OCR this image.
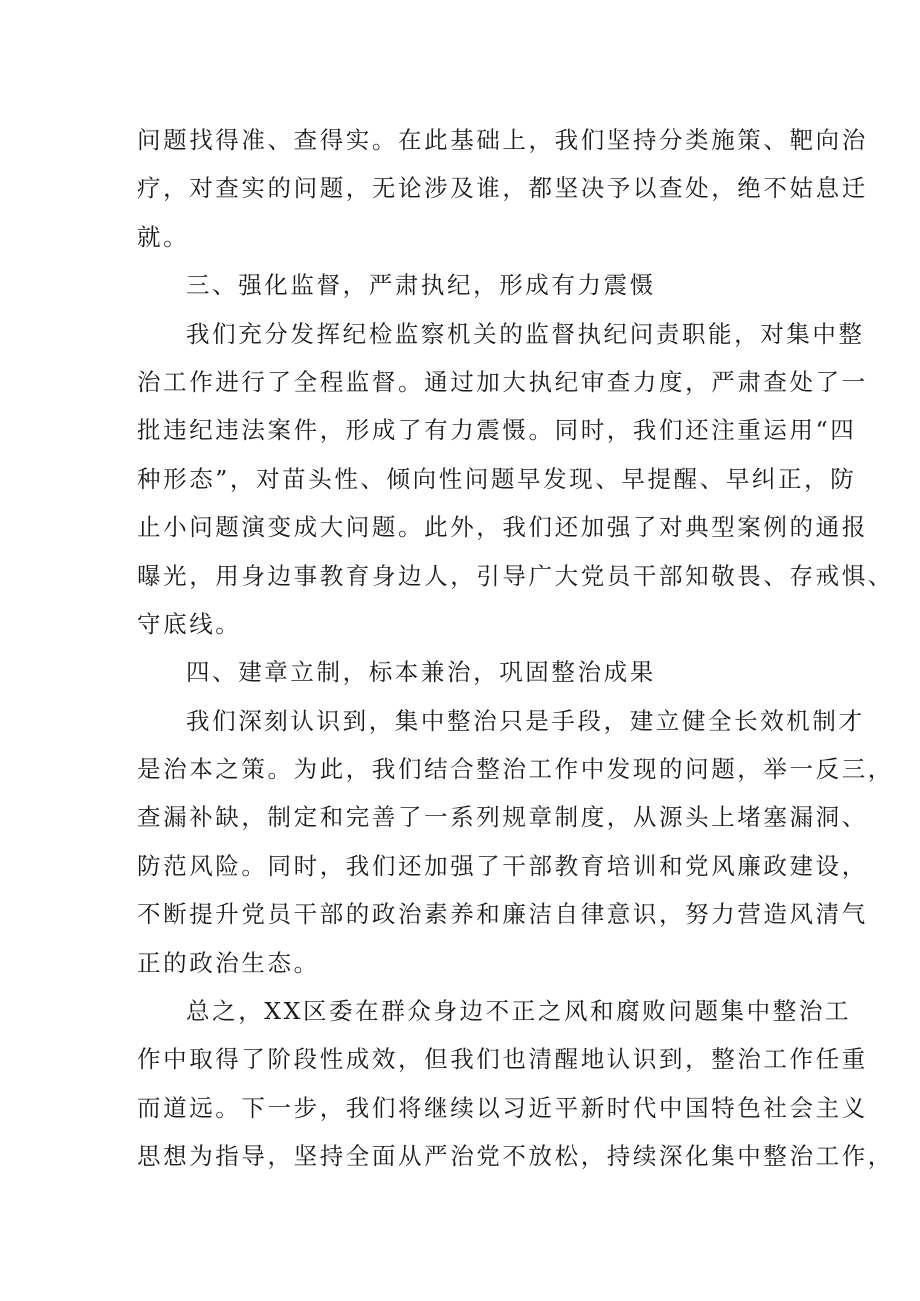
问题找得准、查得实。在此基础上，我们坚持分类施策、靶向治
疗，对查实的问题，无论涉及谁，都坚决予以查处，绝不姑息迁
就。
三、强化监督，严肃执纪，形成有力震慑
我们充分发挥纪检监察机关的监督执纪问责职能，对集中整
治工作进行了全程监督。通过加大执纪审查力度，严肃查处了一
批违纪违法案件，形成了有力震慑。同时，我们还注重运用“四
种形态”，对苗头性、倾向性问题早发现、早提醒、早纠正，防
止小问题演变成大问题。此外，我们还加强了对典型案例的通报
曝光，用身边事教育身边人，引导广大党员干部知敬畏、存戒惧、
守底线。
四、建章立制，标本兼治，巩固整治成果
我们深刻认识到，集中整治只是手段，建立健全长效机制才
是治本之策。为此，我们结合整治工作中发现的问题，举一反三，
查漏补缺，制定和完善了一系列规章制度，从源头上堵塞漏洞、
防范风险。同时，我们还加强了干部教育培训和党风廉政建设，
不断提升党员干部的政治素养和廉洁自律意识，努力营造风清气
正的政治生态。
总之，XX区委在群众身边不正之风和腐败问题集中整治工
作中取得了阶段性成效，但我们也清醒地认识到，整治工作任重
而道远。下一步，我们将继续以习近平新时代中国特色社会主义
思想为指导，坚持全面从严治党不放松，持续深化集中整治工作，
